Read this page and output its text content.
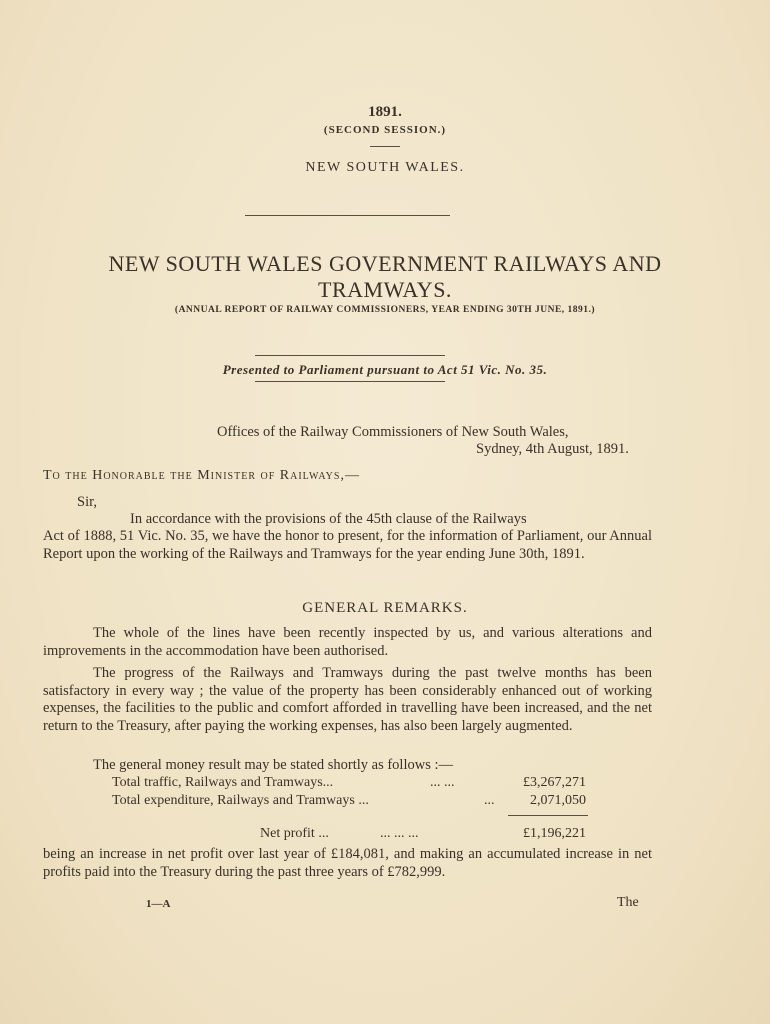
1891.
(SECOND SESSION.)
NEW SOUTH WALES.
NEW SOUTH WALES GOVERNMENT RAILWAYS AND
TRAMWAYS.
(ANNUAL REPORT OF RAILWAY COMMISSIONERS, YEAR ENDING 30TH JUNE, 1891.)
Presented to Parliament pursuant to Act 51 Vic. No. 35.
Offices of the Railway Commissioners of New South Wales,
Sydney, 4th August, 1891.
To the Honorable the Minister of Railways,—
Sir,
In accordance with the provisions of the 45th clause of the Railways
Act of 1888, 51 Vic. No. 35, we have the honor to present, for the information of Parliament, our Annual Report upon the working of the Railways and Tramways for the year ending June 30th, 1891.
GENERAL REMARKS.
The whole of the lines have been recently inspected by us, and various alterations and improvements in the accommodation have been authorised.
The progress of the Railways and Tramways during the past twelve months has been satisfactory in every way ; the value of the property has been considerably enhanced out of working expenses, the facilities to the public and comfort afforded in travelling have been increased, and the net return to the Treasury, after paying the working expenses, has also been largely augmented.
The general money result may be stated shortly as follows :—
Total traffic, Railways and Tramways...	... ...	£3,267,271
Total expenditure, Railways and Tramways ...	...	2,071,050
Net profit ...	... ... ...	£1,196,221
being an increase in net profit over last year of £184,081, and making an accumulated increase in net profits paid into the Treasury during the past three years of £782,999.
1—A	The
